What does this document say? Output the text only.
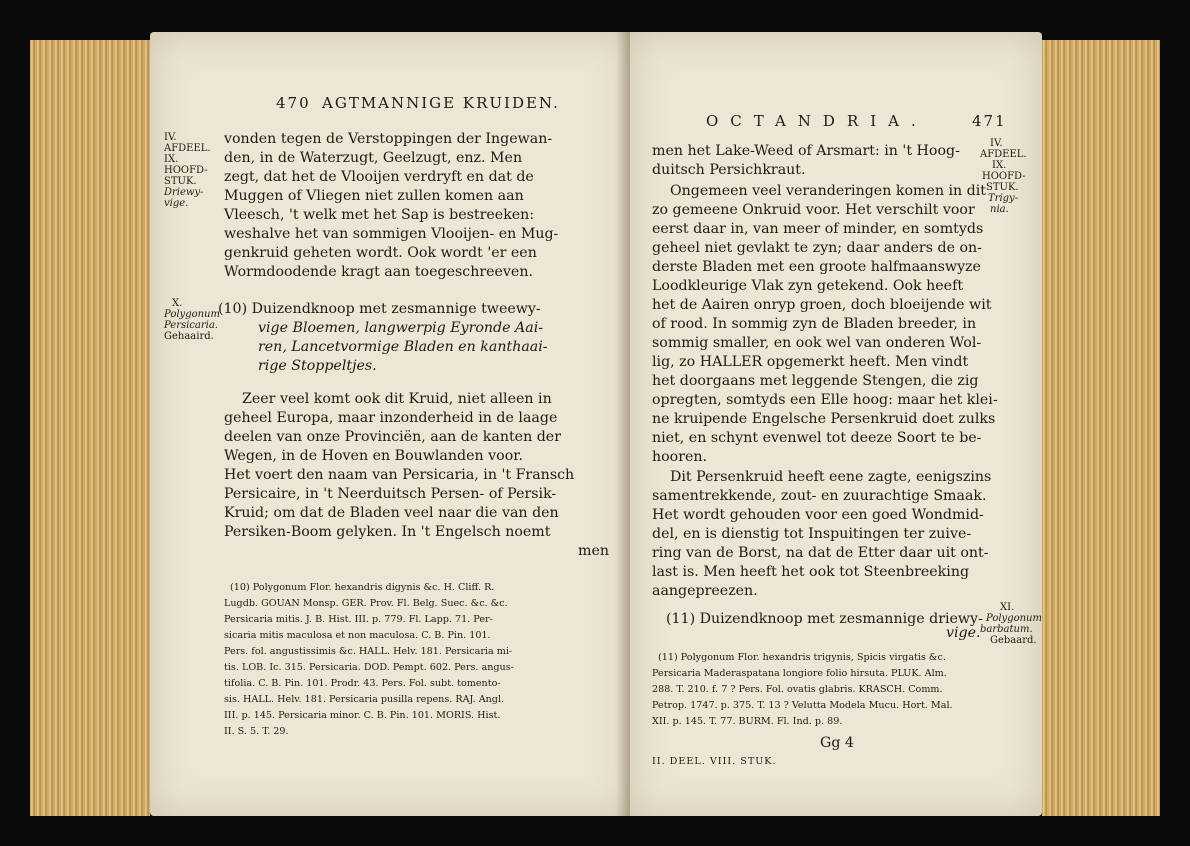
470 AGTMANNIGE KRUIDEN.
IV.
AFDEEL.
IX.
HOOFD-
STUK.
Driewy-
vige.
vonden tegen de Verstoppingen der Ingewan-
den, in de Waterzugt, Geelzugt, enz. Men
zegt, dat het de Vlooijen verdryft en dat de
Muggen of Vliegen niet zullen komen aan
Vleesch, 't welk met het Sap is bestreeken:
weshalve het van sommigen Vlooijen- en Mug-
genkruid geheten wordt. Ook wordt 'er een
Wormdoodende kragt aan toegeschreeven.
X.
Polygonum
Persicaria.
Gehaaird.
(10) Duizendknoop met zesmannige tweewy-
vige Bloemen, langwerpig Eyronde Aai-
ren, Lancetvormige Bladen en kanthaai-
rige Stoppeltjes.
Zeer veel komt ook dit Kruid, niet alleen in
geheel Europa, maar inzonderheid in de laage
deelen van onze Provinciën, aan de kanten der
Wegen, in de Hoven en Bouwlanden voor.
Het voert den naam van Persicaria, in 't Fransch
Persicaire, in 't Neerduitsch Persen- of Persik-
Kruid; om dat de Bladen veel naar die van den
Persiken-Boom gelyken. In 't Engelsch noemt
men
(10) Polygonum Flor. hexandris digynis &c. H. Cliff. R.
Lugdb. GOUAN Monsp. GER. Prov. Fl. Belg. Suec. &c. &c.
Persicaria mitis. J. B. Hist. III. p. 779. Fl. Lapp. 71. Per-
sicaria mitis maculosa et non maculosa. C. B. Pin. 101.
Pers. fol. angustissimis &c. HALL. Helv. 181. Persicaria mi-
tis. LOB. Ic. 315. Persicaria. DOD. Pempt. 602. Pers. angus-
tifolia. C. B. Pin. 101. Prodr. 43. Pers. Fol. subt. tomento-
sis. HALL. Helv. 181. Persicaria pusilla repens. RAJ. Angl.
III. p. 145. Persicaria minor. C. B. Pin. 101. MORIS. Hist.
II. S. 5. T. 29.
OCTANDRIA.	471
IV.
AFDEEL.
IX.
HOOFD-
STUK.
Trigy-
nia.
men het Lake-Weed of Arsmart: in 't Hoog-
duitsch Persichkraut.
Ongemeen veel veranderingen komen in dit
zo gemeene Onkruid voor. Het verschilt voor
eerst daar in, van meer of minder, en somtyds
geheel niet gevlakt te zyn; daar anders de on-
derste Bladen met een groote halfmaanswyze
Loodkleurige Vlak zyn getekend. Ook heeft
het de Aairen onryp groen, doch bloeijende wit
of rood. In sommig zyn de Bladen breeder, in
sommig smaller, en ook wel van onderen Wol-
lig, zo HALLER opgemerkt heeft. Men vindt
het doorgaans met leggende Stengen, die zig
opregten, somtyds een Elle hoog: maar het klei-
ne kruipende Engelsche Persenkruid doet zulks
niet, en schynt evenwel tot deeze Soort te be-
hooren.
Dit Persenkruid heeft eene zagte, eenigszins
samentrekkende, zout- en zuurachtige Smaak.
Het wordt gehouden voor een goed Wondmid-
del, en is dienstig tot Inspuitingen ter zuive-
ring van de Borst, na dat de Etter daar uit ont-
last is. Men heeft het ook tot Steenbreeking
aangepreezen.
(11) Duizendknoop met zesmannige driewy-
vige.
XI.
Polygonum
barbatum.
Gebaard.
(11) Polygonum Flor. hexandris trigynis, Spicis virgatis &c.
Persicaria Maderaspatana longiore folio hirsuta. PLUK. Alm.
288. T. 210. f. 7 ? Pers. Fol. ovatis glabris. KRASCH. Comm.
Petrop. 1747. p. 375. T. 13 ? Velutta Modela Mucu. Hort. Mal.
XII. p. 145. T. 77. BURM. Fl. Ind. p. 89.
Gg 4
II. DEEL. VIII. STUK.
